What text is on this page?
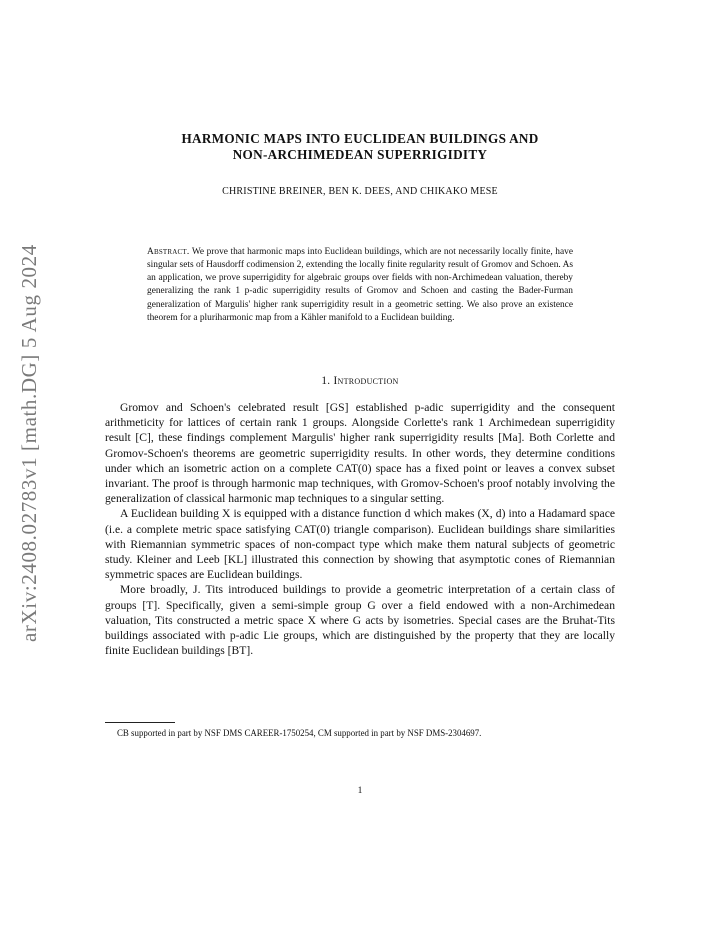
arXiv:2408.02783v1 [math.DG] 5 Aug 2024
HARMONIC MAPS INTO EUCLIDEAN BUILDINGS AND
NON-ARCHIMEDEAN SUPERRIGIDITY
CHRISTINE BREINER, BEN K. DEES, AND CHIKAKO MESE
Abstract. We prove that harmonic maps into Euclidean buildings, which are not necessarily locally finite, have singular sets of Hausdorff codimension 2, extending the locally finite regularity result of Gromov and Schoen. As an application, we prove superrigidity for algebraic groups over fields with non-Archimedean valuation, thereby generalizing the rank 1 p-adic superrigidity results of Gromov and Schoen and casting the Bader-Furman generalization of Margulis' higher rank superrigidity result in a geometric setting. We also prove an existence theorem for a pluriharmonic map from a Kähler manifold to a Euclidean building.
1. Introduction

Gromov and Schoen's celebrated result [GS] established p-adic superrigidity and the consequent arithmeticity for lattices of certain rank 1 groups. Alongside Corlette's rank 1 Archimedean superrigidity result [C], these findings complement Margulis' higher rank superrigidity results [Ma]. Both Corlette and Gromov-Schoen's theorems are geometric superrigidity results. In other words, they determine conditions under which an isometric action on a complete CAT(0) space has a fixed point or leaves a convex subset invariant. The proof is through harmonic map techniques, with Gromov-Schoen's proof notably involving the generalization of classical harmonic map techniques to a singular setting.

A Euclidean building X is equipped with a distance function d which makes (X, d) into a Hadamard space (i.e. a complete metric space satisfying CAT(0) triangle comparison). Euclidean buildings share similarities with Riemannian symmetric spaces of non-compact type which make them natural subjects of geometric study. Kleiner and Leeb [KL] illustrated this connection by showing that asymptotic cones of Riemannian symmetric spaces are Euclidean buildings.

More broadly, J. Tits introduced buildings to provide a geometric interpretation of a certain class of groups [T]. Specifically, given a semi-simple group G over a field endowed with a non-Archimedean valuation, Tits constructed a metric space X where G acts by isometries. Special cases are the Bruhat-Tits buildings associated with p-adic Lie groups, which are distinguished by the property that they are locally finite Euclidean buildings [BT].

CB supported in part by NSF DMS CAREER-1750254, CM supported in part by NSF DMS-2304697.
1
